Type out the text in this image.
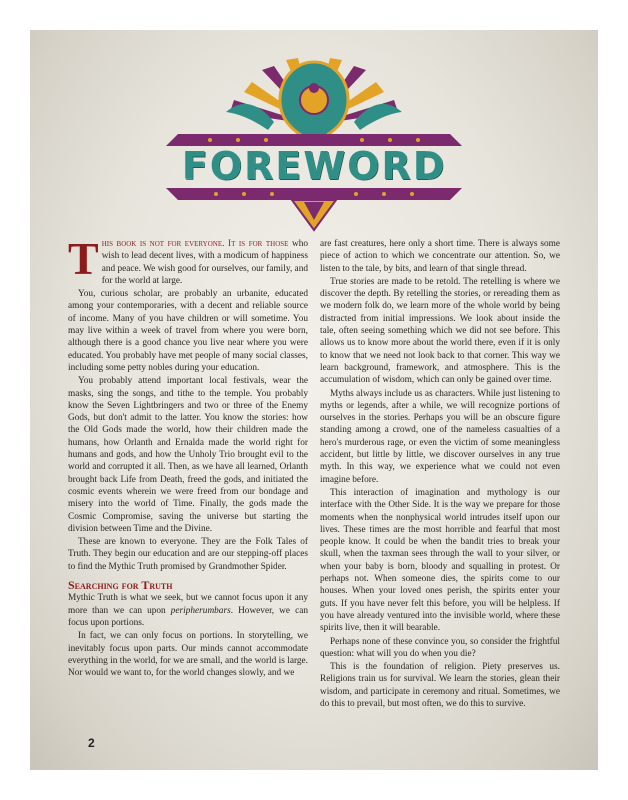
FOREWORD

This book is not for everyone. It is for those who wish to lead decent lives, with a modicum of happiness and peace. We wish good for ourselves, our family, and for the world at large.

You, curious scholar, are probably an urbanite, educated among your contemporaries, with a decent and reliable source of income. Many of you have children or will sometime. You may live within a week of travel from where you were born, although there is a good chance you live near where you were educated. You probably have met people of many social classes, including some petty nobles during your education.

You probably attend important local festivals, wear the masks, sing the songs, and tithe to the temple. You probably know the Seven Lightbringers and two or three of the Enemy Gods, but don't admit to the latter. You know the stories: how the Old Gods made the world, how their children made the humans, how Orlanth and Ernalda made the world right for humans and gods, and how the Unholy Trio brought evil to the world and corrupted it all. Then, as we have all learned, Orlanth brought back Life from Death, freed the gods, and initiated the cosmic events wherein we were freed from our bondage and misery into the world of Time. Finally, the gods made the Cosmic Compromise, saving the universe but starting the division between Time and the Divine.

These are known to everyone. They are the Folk Tales of Truth. They begin our education and are our stepping-off places to find the Mythic Truth promised by Grandmother Spider.

Searching for Truth

Mythic Truth is what we seek, but we cannot focus upon it any more than we can upon peripherumbars. However, we can focus upon portions.

In fact, we can only focus on portions. In storytelling, we inevitably focus upon parts. Our minds cannot accommodate everything in the world, for we are small, and the world is large. Nor would we want to, for the world changes slowly, and we

are fast creatures, here only a short time. There is always some piece of action to which we concentrate our attention. So, we listen to the tale, by bits, and learn of that single thread.

True stories are made to be retold. The retelling is where we discover the depth. By retelling the stories, or rereading them as we modern folk do, we learn more of the whole world by being distracted from initial impressions. We look about inside the tale, often seeing something which we did not see before. This allows us to know more about the world there, even if it is only to know that we need not look back to that corner. This way we learn background, framework, and atmosphere. This is the accumulation of wisdom, which can only be gained over time.

Myths always include us as characters. While just listening to myths or legends, after a while, we will recognize portions of ourselves in the stories. Perhaps you will be an obscure figure standing among a crowd, one of the nameless casualties of a hero's murderous rage, or even the victim of some meaningless accident, but little by little, we discover ourselves in any true myth. In this way, we experience what we could not even imagine before.

This interaction of imagination and mythology is our interface with the Other Side. It is the way we prepare for those moments when the nonphysical world intrudes itself upon our lives. These times are the most horrible and fearful that most people know. It could be when the bandit tries to break your skull, when the taxman sees through the wall to your silver, or when your baby is born, bloody and squalling in protest. Or perhaps not. When someone dies, the spirits come to our houses. When your loved ones perish, the spirits enter your guts. If you have never felt this before, you will be helpless. If you have already ventured into the invisible world, where these spirits live, then it will bearable.

Perhaps none of these convince you, so consider the frightful question: what will you do when you die?

This is the foundation of religion. Piety preserves us. Religions train us for survival. We learn the stories, glean their wisdom, and participate in ceremony and ritual. Sometimes, we do this to prevail, but most often, we do this to survive.

2
